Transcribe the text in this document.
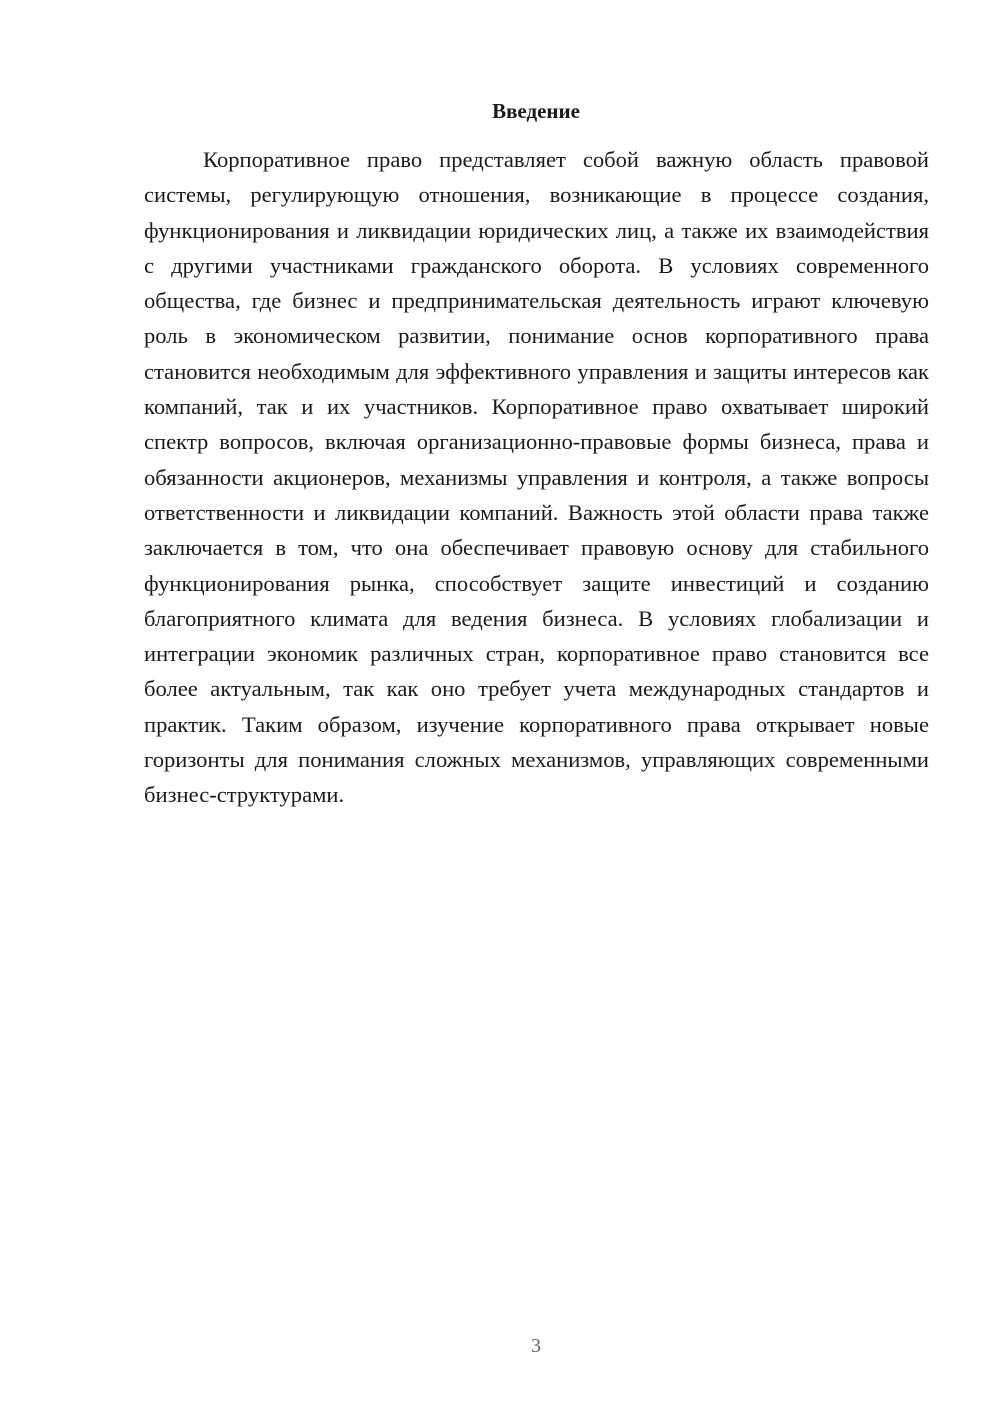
Введение

Корпоративное право представляет собой важную область правовой системы, регулирующую отношения, возникающие в процессе создания, функционирования и ликвидации юридических лиц, а также их взаимодействия с другими участниками гражданского оборота. В условиях современного общества, где бизнес и предпринимательская деятельность играют ключевую роль в экономическом развитии, понимание основ корпоративного права становится необходимым для эффективного управления и защиты интересов как компаний, так и их участников. Корпоративное право охватывает широкий спектр вопросов, включая организационно-правовые формы бизнеса, права и обязанности акционеров, механизмы управления и контроля, а также вопросы ответственности и ликвидации компаний. Важность этой области права также заключается в том, что она обеспечивает правовую основу для стабильного функционирования рынка, способствует защите инвестиций и созданию благоприятного климата для ведения бизнеса. В условиях глобализации и интеграции экономик различных стран, корпоративное право становится все более актуальным, так как оно требует учета международных стандартов и практик. Таким образом, изучение корпоративного права открывает новые горизонты для понимания сложных механизмов, управляющих современными бизнес-структурами.

3
